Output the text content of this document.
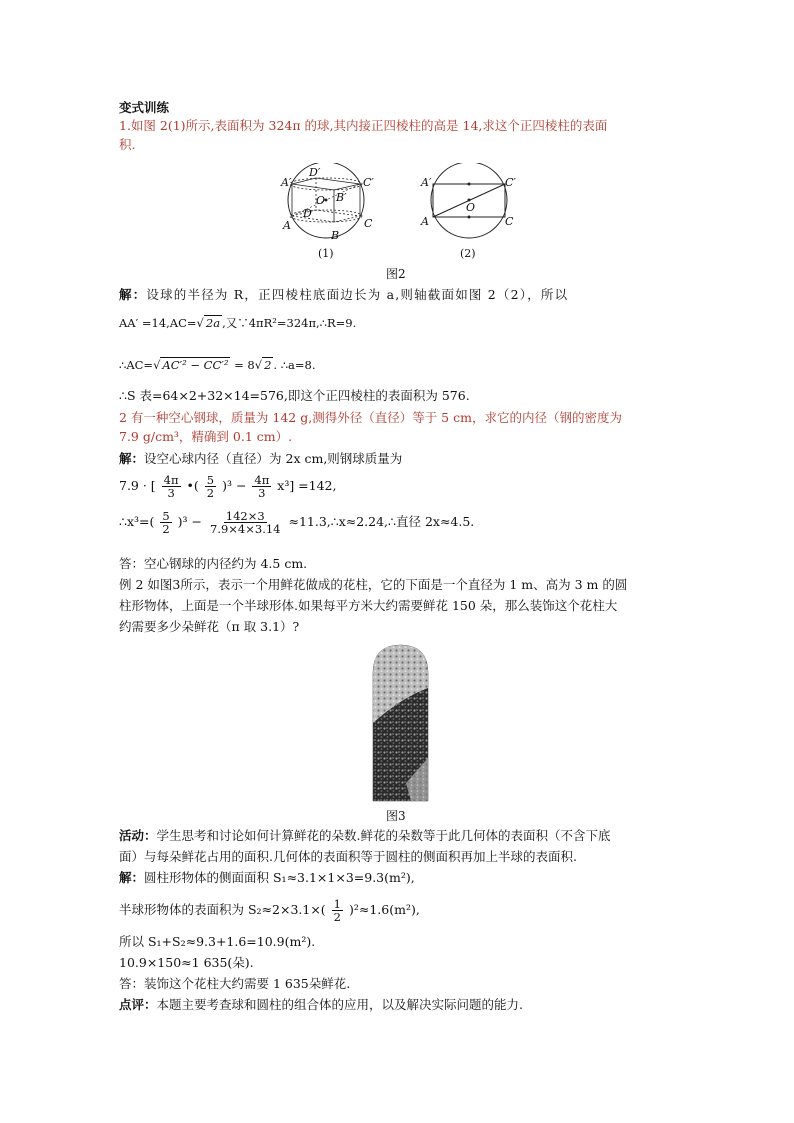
变式训练
1.如图 2(1)所示,表面积为 324π 的球,其内接正四棱柱的高是 14,求这个正四棱柱的表面
积.
A′
D′
C′
O B′
D
A	C
B
A′	C′
O
A	C
(1)	(2)
图2
解：设球的半径为 R，正四棱柱底面边长为 a,则轴截面如图 2（2），所以
AA′ =14,AC=√ 2a ,又∵4πR²=324π,∴R=9.
∴AC=√ AC′² − CC′² = 8√ 2 . ∴a=8.
∴S 表=64×2+32×14=576,即这个正四棱柱的表面积为 576.
2 有一种空心钢球，质量为 142 g,测得外径（直径）等于 5 cm，求它的内径（钢的密度为
7.9 g/cm³，精确到 0.1 cm）.
解：设空心球内径（直径）为 2x cm,则钢球质量为
7.9 · [ $\frac{4\pi}{3}$ •( $\frac{5}{2} )^3 - \frac{4\pi}{3} x^3] =142$,
∴x³=( $\frac{5}{2} )^3 - \frac{142\times 3}{7.9\times 4\times 3.14}$ ≈11.3,∴x≈2.24,∴直径 2x≈4.5.
答：空心钢球的内径约为 4.5 cm.
例 2 如图3所示，表示一个用鲜花做成的花柱，它的下面是一个直径为 1 m、高为 3 m 的圆
柱形物体，上面是一个半球形体.如果每平方米大约需要鲜花 150 朵，那么装饰这个花柱大
约需要多少朵鲜花（π 取 3.1）?
图3
活动：学生思考和讨论如何计算鲜花的朵数.鲜花的朵数等于此几何体的表面积（不含下底
面）与每朵鲜花占用的面积.几何体的表面积等于圆柱的侧面积再加上半球的表面积.
解：圆柱形物体的侧面面积 S₁≈3.1×1×3=9.3(m²),
半球形物体的表面积为 $S_2\approx 2\times 3.1\times( \frac{1}{2} )^2\approx 1.6(m^2)$,
所以 S₁+S₂≈9.3+1.6=10.9(m²).
10.9×150≈1 635(朵).
答：装饰这个花柱大约需要 1 635朵鲜花.
点评：本题主要考查球和圆柱的组合体的应用，以及解决实际问题的能力.
